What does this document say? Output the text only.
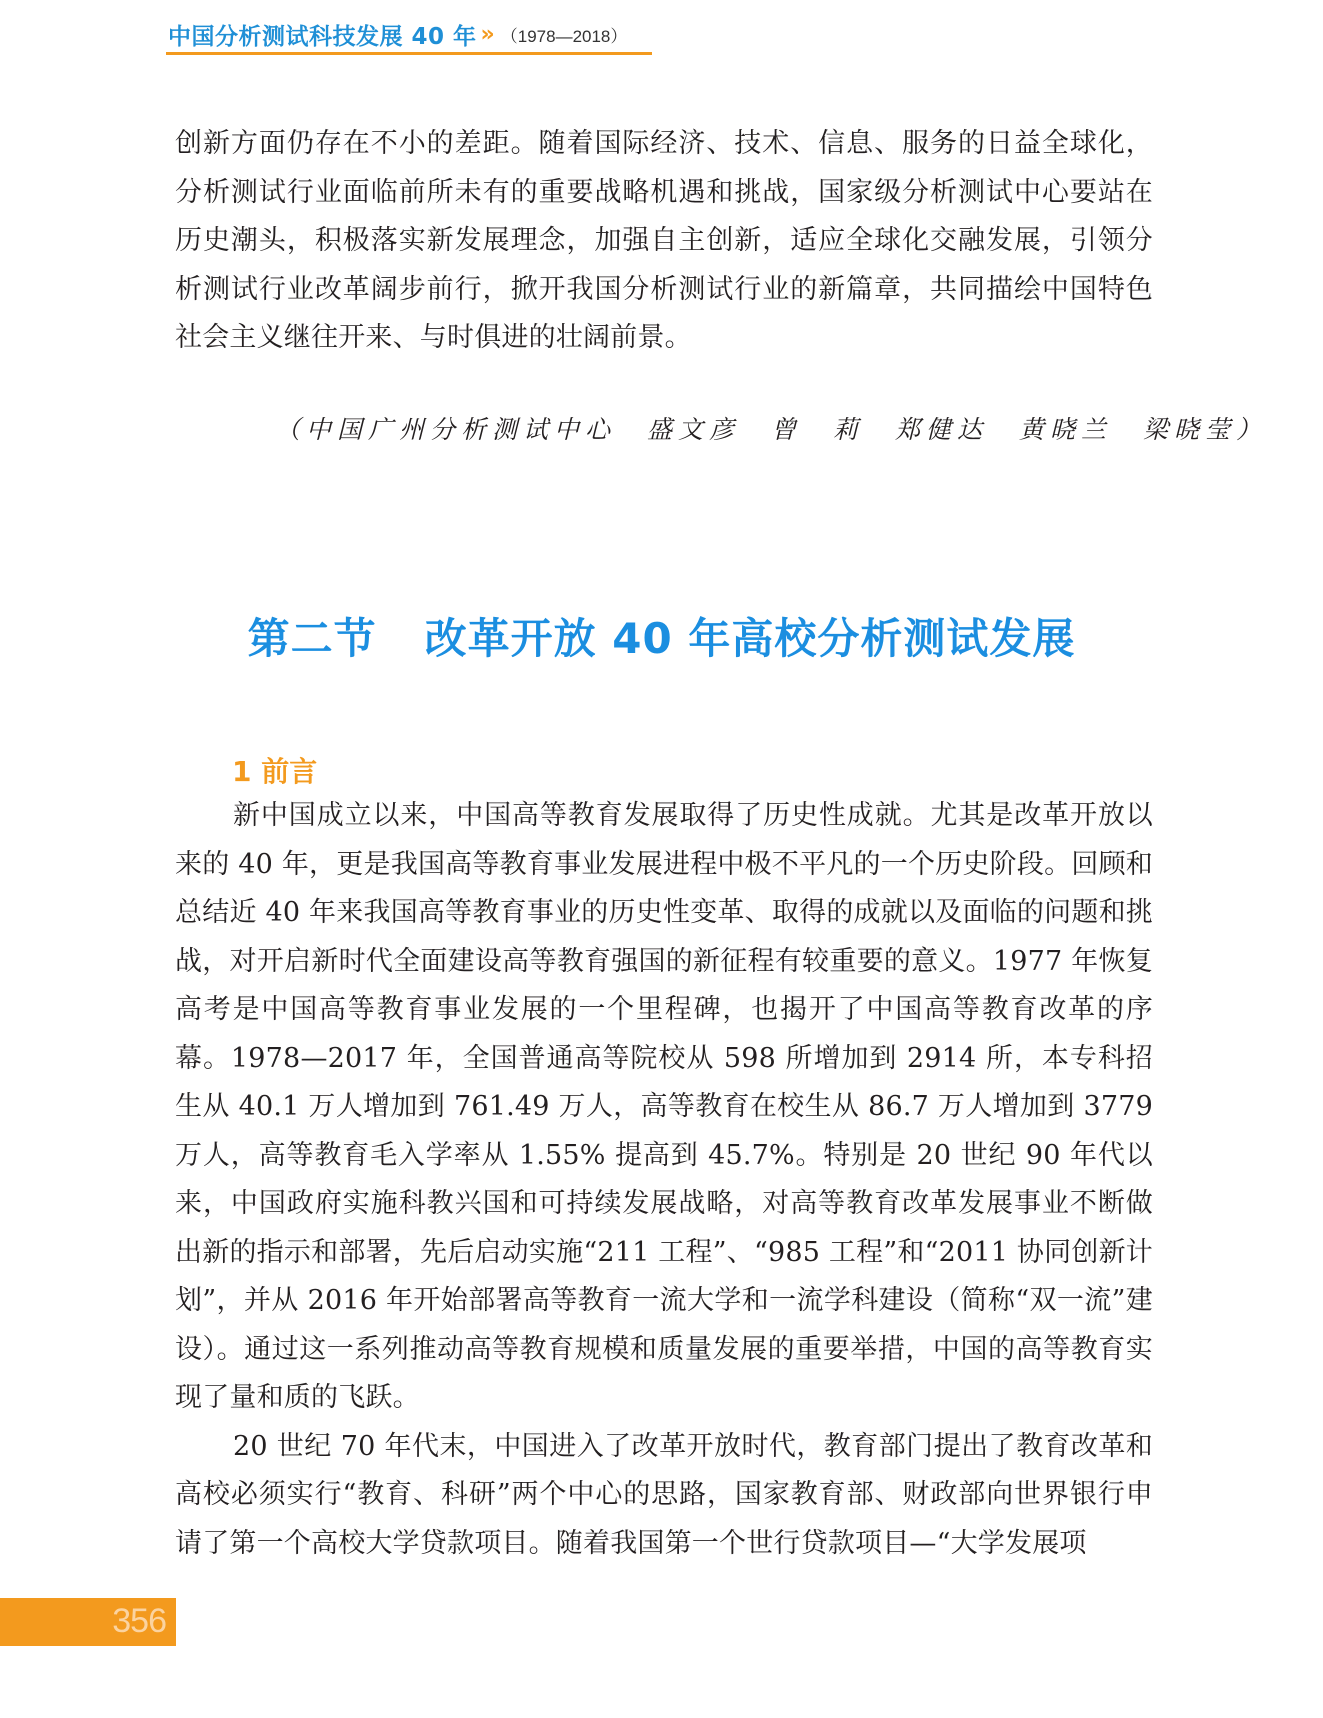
中国分析测试科技发展 40 年 » （1978—2018）

创新方面仍存在不小的差距。随着国际经济、技术、信息、服务的日益全球化，分析测试行业面临前所未有的重要战略机遇和挑战，国家级分析测试中心要站在历史潮头，积极落实新发展理念，加强自主创新，适应全球化交融发展，引领分析测试行业改革阔步前行，掀开我国分析测试行业的新篇章，共同描绘中国特色社会主义继往开来、与时俱进的壮阔前景。

（中国广州分析测试中心　盛文彦　曾　莉　郑健达　黄晓兰　梁晓莹）
第二节 改革开放 40 年高校分析测试发展
1 前言

新中国成立以来，中国高等教育发展取得了历史性成就。尤其是改革开放以来的 40 年，更是我国高等教育事业发展进程中极不平凡的一个历史阶段。回顾和总结近 40 年来我国高等教育事业的历史性变革、取得的成就以及面临的问题和挑战，对开启新时代全面建设高等教育强国的新征程有较重要的意义。1977 年恢复高考是中国高等教育事业发展的一个里程碑，也揭开了中国高等教育改革的序幕。1978—2017 年，全国普通高等院校从 598 所增加到 2914 所，本专科招生从 40.1 万人增加到 761.49 万人，高等教育在校生从 86.7 万人增加到 3779 万人，高等教育毛入学率从 1.55% 提高到 45.7%。特别是 20 世纪 90 年代以来，中国政府实施科教兴国和可持续发展战略，对高等教育改革发展事业不断做出新的指示和部署，先后启动实施“211 工程”、“985 工程”和“2011 协同创新计划”，并从 2016 年开始部署高等教育一流大学和一流学科建设（简称“双一流”建设）。通过这一系列推动高等教育规模和质量发展的重要举措，中国的高等教育实现了量和质的飞跃。

20 世纪 70 年代末，中国进入了改革开放时代，教育部门提出了教育改革和高校必须实行“教育、科研”两个中心的思路，国家教育部、财政部向世界银行申请了第一个高校大学贷款项目。随着我国第一个世行贷款项目—“大学发展项

356
